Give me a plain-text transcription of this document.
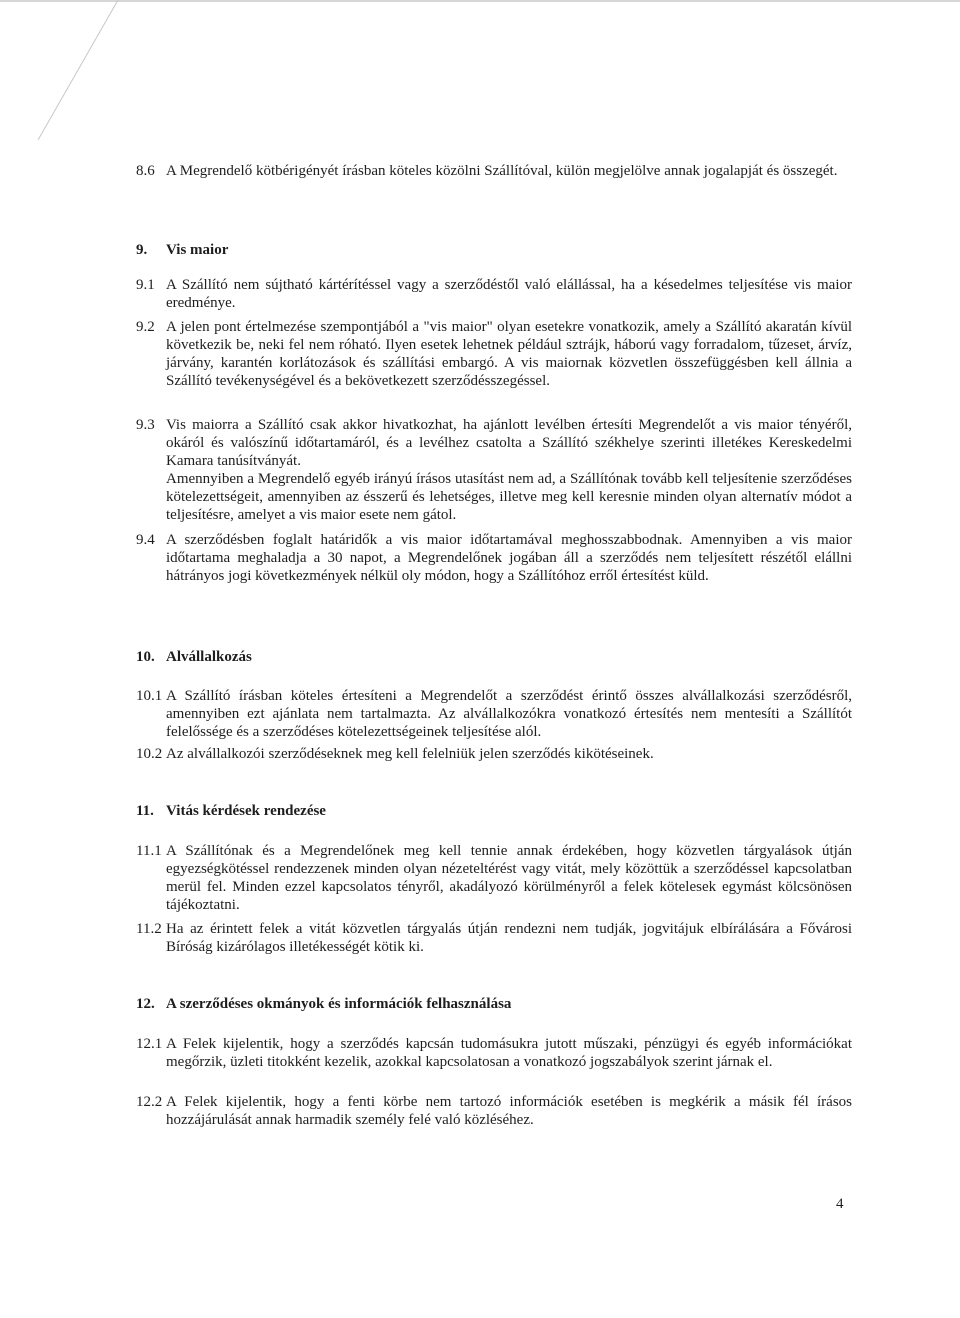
8.6 A Megrendelő kötbérigényét írásban köteles közölni Szállítóval, külön megjelölve annak jogalapját és összegét.
9. Vis maior
9.1 A Szállító nem sújtható kártérítéssel vagy a szerződéstől való elállással, ha a késedelmes teljesítése vis maior eredménye.
9.2 A jelen pont értelmezése szempontjából a "vis maior" olyan esetekre vonatkozik, amely a Szállító akaratán kívül következik be, neki fel nem róható. Ilyen esetek lehetnek például sztrájk, háború vagy forradalom, tűzeset, árvíz, járvány, karantén korlátozások és szállítási embargó. A vis maiornak közvetlen összefüggésben kell állnia a Szállító tevékenységével és a bekövetkezett szerződésszegéssel.
9.3 Vis maiorra a Szállító csak akkor hivatkozhat, ha ajánlott levélben értesíti Megrendelőt a vis maior tényéről, okáról és valószínű időtartamáról, és a levélhez csatolta a Szállító székhelye szerinti illetékes Kereskedelmi Kamara tanúsítványát.
Amennyiben a Megrendelő egyéb irányú írásos utasítást nem ad, a Szállítónak tovább kell teljesítenie szerződéses kötelezettségeit, amennyiben az ésszerű és lehetséges, illetve meg kell keresnie minden olyan alternatív módot a teljesítésre, amelyet a vis maior esete nem gátol.
9.4 A szerződésben foglalt határidők a vis maior időtartamával meghosszabbodnak. Amennyiben a vis maior időtartama meghaladja a 30 napot, a Megrendelőnek jogában áll a szerződés nem teljesített részétől elállni hátrányos jogi következmények nélkül oly módon, hogy a Szállítóhoz erről értesítést küld.
10. Alvállalkozás
10.1 A Szállító írásban köteles értesíteni a Megrendelőt a szerződést érintő összes alvállalkozási szerződésről, amennyiben ezt ajánlata nem tartalmazta. Az alvállalkozókra vonatkozó értesítés nem mentesíti a Szállítót felelőssége és a szerződéses kötelezettségeinek teljesítése alól.
10.2 Az alvállalkozói szerződéseknek meg kell felelniük jelen szerződés kikötéseinek.
11. Vitás kérdések rendezése
11.1 A Szállítónak és a Megrendelőnek meg kell tennie annak érdekében, hogy közvetlen tárgyalások útján egyezségkötéssel rendezzenek minden olyan nézeteltérést vagy vitát, mely közöttük a szerződéssel kapcsolatban merül fel. Minden ezzel kapcsolatos tényről, akadályozó körülményről a felek kötelesek egymást kölcsönösen tájékoztatni.
11.2 Ha az érintett felek a vitát közvetlen tárgyalás útján rendezni nem tudják, jogvitájuk elbírálására a Fővárosi Bíróság kizárólagos illetékességét kötik ki.
12. A szerződéses okmányok és információk felhasználása
12.1 A Felek kijelentik, hogy a szerződés kapcsán tudomásukra jutott műszaki, pénzügyi és egyéb információkat megőrzik, üzleti titokként kezelik, azokkal kapcsolatosan a vonatkozó jogszabályok szerint járnak el.
12.2 A Felek kijelentik, hogy a fenti körbe nem tartozó információk esetében is megkérik a másik fél írásos hozzájárulását annak harmadik személy felé való közléséhez.
4
